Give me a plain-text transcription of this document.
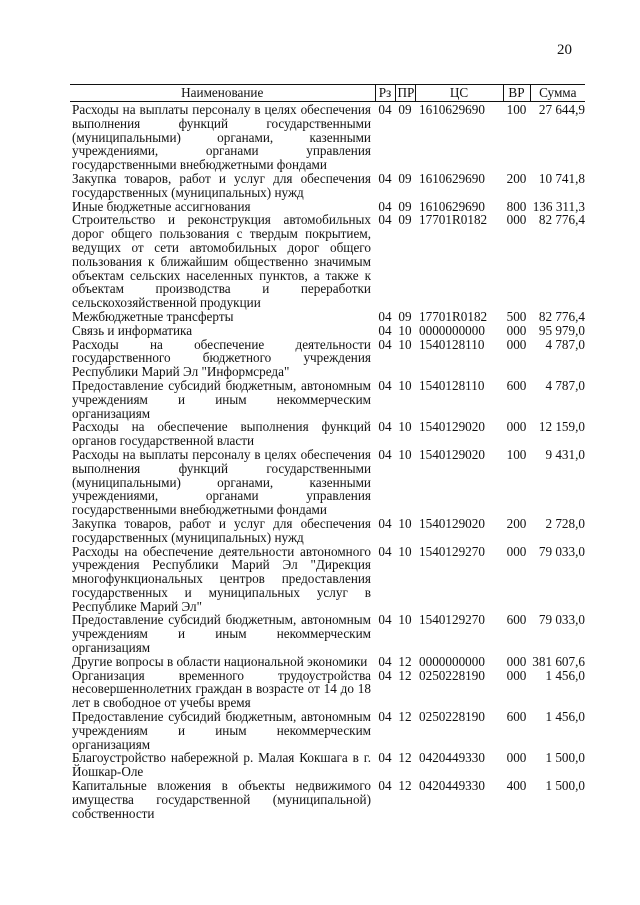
20
Наименование	Рз	ПР	ЦС	ВР	Сумма
Расходы на выплаты персоналу в целях обеспечения выполнения функций государственными (муниципальными) органами, казенными учреждениями, органами управления государственными внебюджетными фондами	04	09	1610629690	100	27 644,9
Закупка товаров, работ и услуг для обеспечения государственных (муниципальных) нужд	04	09	1610629690	200	10 741,8
Иные бюджетные ассигнования	04	09	1610629690	800	136 311,3
Строительство и реконструкция автомобильных дорог общего пользования с твердым покрытием, ведущих от сети автомобильных дорог общего пользования к ближайшим общественно значимым объектам сельских населенных пунктов, а также к объектам производства и переработки сельскохозяйственной продукции	04	09	17701R0182	000	82 776,4
Межбюджетные трансферты	04	09	17701R0182	500	82 776,4
Связь и информатика	04	10	0000000000	000	95 979,0
Расходы на обеспечение деятельности государственного бюджетного учреждения Республики Марий Эл "Информсреда"	04	10	1540128110	000	4 787,0
Предоставление субсидий бюджетным, автономным учреждениям и иным некоммерческим организациям	04	10	1540128110	600	4 787,0
Расходы на обеспечение выполнения функций органов государственной власти	04	10	1540129020	000	12 159,0
Расходы на выплаты персоналу в целях обеспечения выполнения функций государственными (муниципальными) органами, казенными учреждениями, органами управления государственными внебюджетными фондами	04	10	1540129020	100	9 431,0
Закупка товаров, работ и услуг для обеспечения государственных (муниципальных) нужд	04	10	1540129020	200	2 728,0
Расходы на обеспечение деятельности автономного учреждения Республики Марий Эл "Дирекция многофункциональных центров предоставления государственных и муниципальных услуг в Республике Марий Эл"	04	10	1540129270	000	79 033,0
Предоставление субсидий бюджетным, автономным учреждениям и иным некоммерческим организациям	04	10	1540129270	600	79 033,0
Другие вопросы в области национальной экономики	04	12	0000000000	000	381 607,6
Организация временного трудоустройства несовершеннолетних граждан в возрасте от 14 до 18 лет в свободное от учебы время	04	12	0250228190	000	1 456,0
Предоставление субсидий бюджетным, автономным учреждениям и иным некоммерческим организациям	04	12	0250228190	600	1 456,0
Благоустройство набережной р. Малая Кокшага в г. Йошкар-Оле	04	12	0420449330	000	1 500,0
Капитальные вложения в объекты недвижимого имущества государственной (муниципальной) собственности	04	12	0420449330	400	1 500,0
